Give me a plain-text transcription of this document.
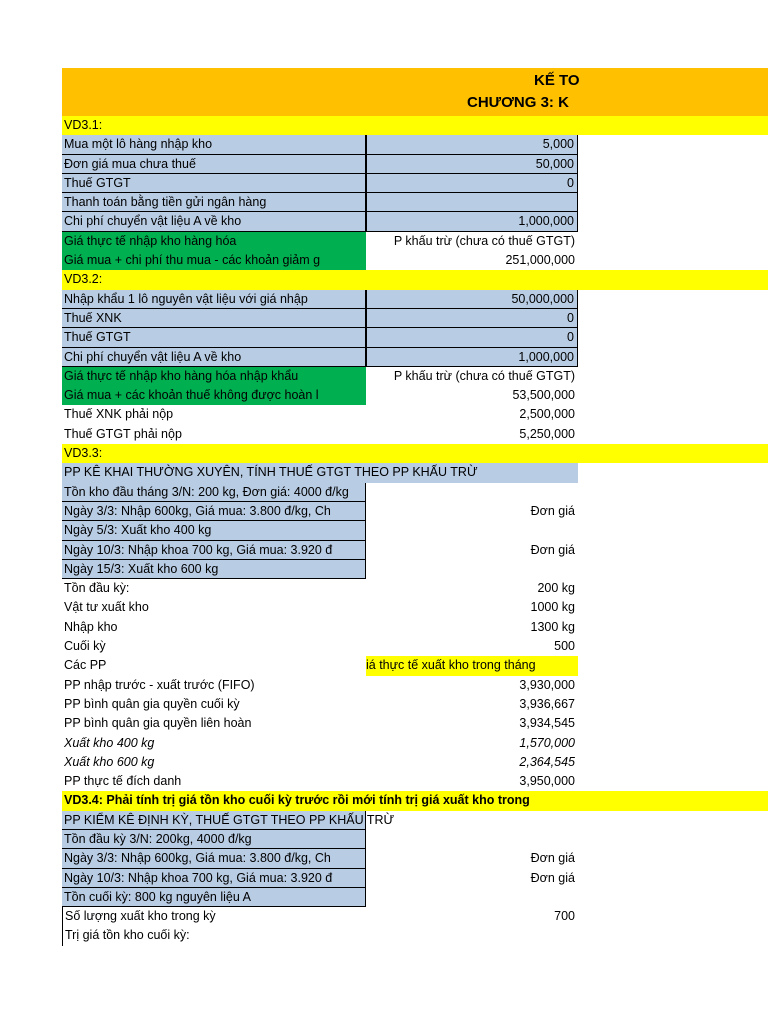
KẾ TO
CHƯƠNG 3: K
VD3.1:
Mua một lô hàng nhập kho	5,000
Đơn giá mua chưa thuế	50,000
Thuế GTGT	0
Thanh toán bằng tiền gửi ngân hàng
Chi phí chuyển vật liệu A về kho	1,000,000
Giá thực tế nhập kho hàng hóa	P khấu trừ (chưa có thuế GTGT)
Giá mua + chi phí thu mua - các khoản giảm g	251,000,000
VD3.2:
Nhập khẩu 1 lô nguyên vật liệu với giá nhập	50,000,000
Thuế XNK	0
Thuế GTGT	0
Chi phí chuyển vật liệu A về kho	1,000,000
Giá thực tế nhập kho hàng hóa nhập khẩu	P khấu trừ (chưa có thuế GTGT)
Giá mua + các khoản thuế không được hoàn l	53,500,000
Thuế XNK phải nộp	2,500,000
Thuế GTGT phải nộp	5,250,000
VD3.3:
PP KÊ KHAI THƯỜNG XUYÊN, TÍNH THUẾ GTGT THEO PP KHẤU TRỪ
Tồn kho đầu tháng 3/N: 200 kg, Đơn giá: 4000 đ/kg
Ngày 3/3: Nhập 600kg, Giá mua: 3.800 đ/kg, Ch	Đơn giá
Ngày 5/3: Xuất kho 400 kg
Ngày 10/3: Nhập khoa 700 kg, Giá mua: 3.920 đ	Đơn giá
Ngày 15/3: Xuất kho 600 kg
Tồn đầu kỳ:	200 kg
Vật tư xuất kho	1000 kg
Nhập kho	1300 kg
Cuối kỳ	500
Các PP	iá thực tế xuất kho trong tháng
PP nhập trước - xuất trước (FIFO)	3,930,000
PP bình quân gia quyền cuối kỳ	3,936,667
PP bình quân gia quyền liên hoàn	3,934,545
Xuất kho 400 kg	1,570,000
Xuất kho 600 kg	2,364,545
PP thực tế đích danh	3,950,000
VD3.4: Phải tính trị giá tồn kho cuối kỳ trước rồi mới tính trị giá xuất kho trong
PP KIỂM KÊ ĐỊNH KỲ, THUẾ GTGT THEO PP KHẤU TRỪ
Tồn đầu kỳ 3/N: 200kg, 4000 đ/kg
Ngày 3/3: Nhập 600kg, Giá mua: 3.800 đ/kg, Ch	Đơn giá
Ngày 10/3: Nhập khoa 700 kg, Giá mua: 3.920 đ	Đơn giá
Tồn cuối kỳ: 800 kg nguyên liệu A
Số lượng xuất kho trong kỳ	700
Trị giá tồn kho cuối kỳ:
